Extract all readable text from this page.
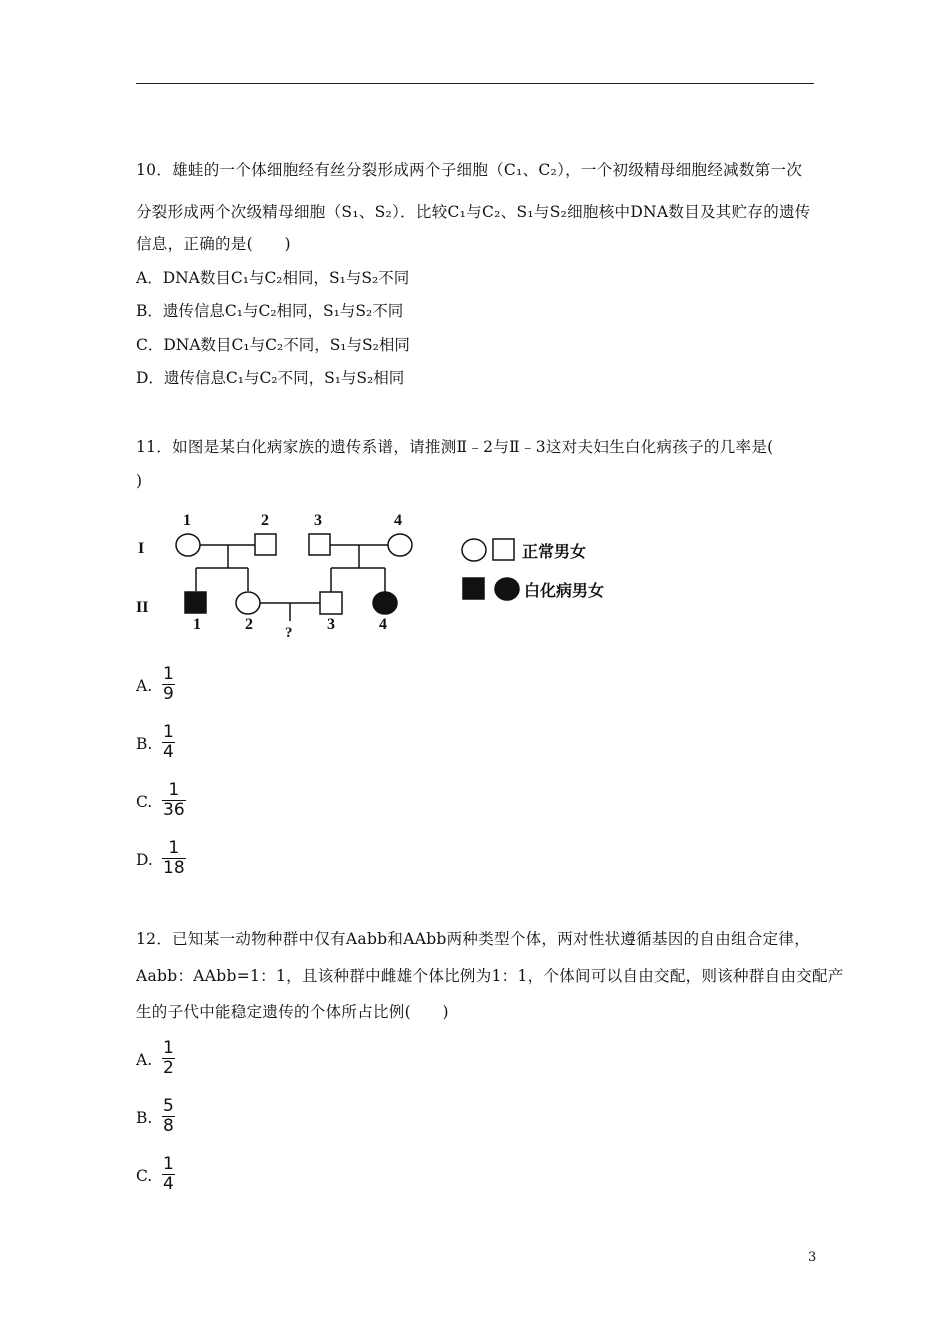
10．雄蛙的一个体细胞经有丝分裂形成两个子细胞（C₁、C₂），一个初级精母细胞经减数第一次
分裂形成两个次级精母细胞（S₁、S₂）．比较C₁与C₂、S₁与S₂细胞核中DNA数目及其贮存的遗传
信息，正确的是(　　)
A．DNA数目C₁与C₂相同，S₁与S₂不同
B．遗传信息C₁与C₂相同，S₁与S₂不同
C．DNA数目C₁与C₂不同，S₁与S₂相同
D．遗传信息C₁与C₂不同，S₁与S₂相同
11．如图是某白化病家族的遗传系谱，请推测Ⅱ﹣2与Ⅱ﹣3这对夫妇生白化病孩子的几率是(
)
I
II
1	2	3	4
1	2	3	4
?
正常男女
白化病男女
A.
1
9
B.
1
4
C.
1
36
D.
1
18
12．已知某一动物种群中仅有Aabb和AAbb两种类型个体，两对性状遵循基因的自由组合定律，
Aabb：AAbb=1：1，且该种群中雌雄个体比例为1：1，个体间可以自由交配，则该种群自由交配产
生的子代中能稳定遗传的个体所占比例(　　)
A.
1
2
B.
5
8
C.
1
4
3
